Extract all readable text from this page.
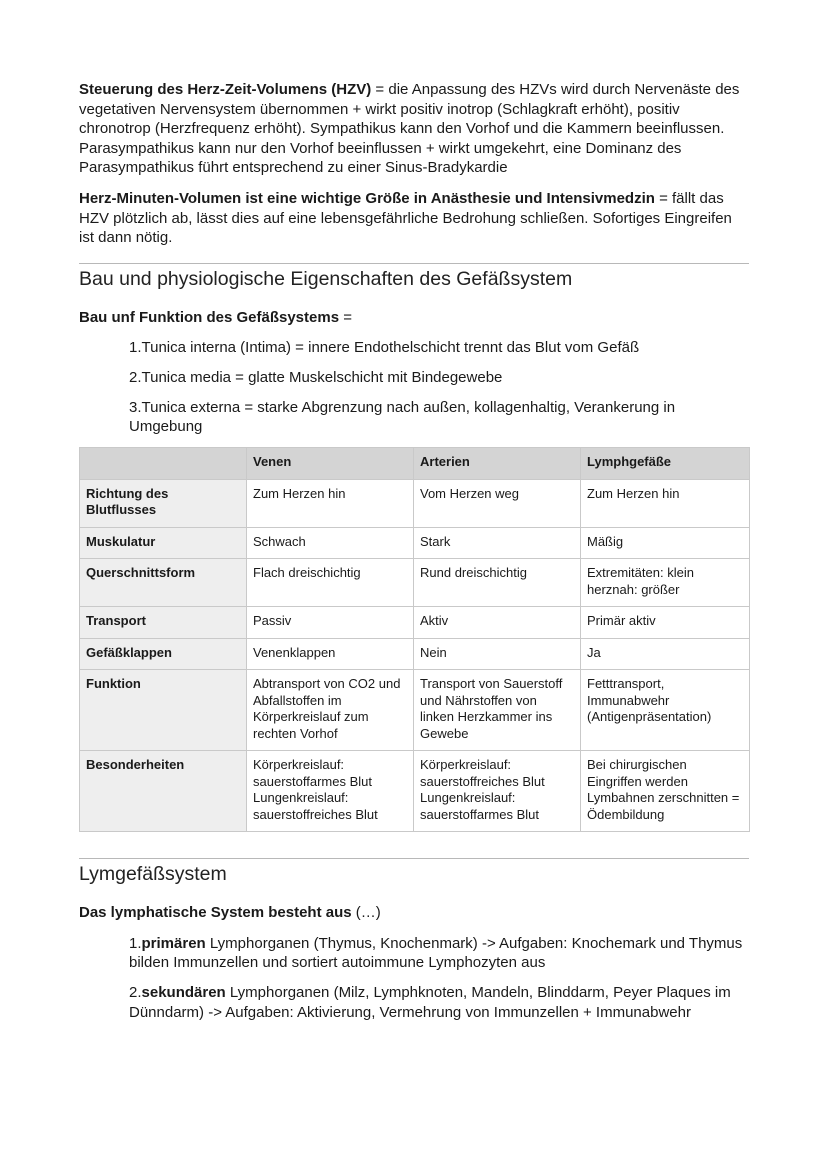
Steuerung des Herz-Zeit-Volumens (HZV) = die Anpassung des HZVs wird durch Nervenäste des vegetativen Nervensystem übernommen + wirkt positiv inotrop (Schlagkraft erhöht), positiv chronotrop (Herzfrequenz erhöht). Sympathikus kann den Vorhof und die Kammern beeinflussen. Parasympathikus kann nur den Vorhof beeinflussen + wirkt umgekehrt, eine Dominanz des Parasympathikus führt entsprechend zu einer Sinus-Bradykardie

Herz-Minuten-Volumen ist eine wichtige Größe in Anästhesie und Intensivmedzin = fällt das HZV plötzlich ab, lässt dies auf eine lebensgefährliche Bedrohung schließen. Sofortiges Eingreifen ist dann nötig.

Bau und physiologische Eigenschaften des Gefäßsystem

Bau unf Funktion des Gefäßsystems =

1.Tunica interna (Intima) = innere Endothelschicht trennt das Blut vom Gefäß

2.Tunica media = glatte Muskelschicht mit Bindegewebe

3.Tunica externa = starke Abgrenzung nach außen, kollagenhaltig, Verankerung in Umgebung

	Venen	Arterien	Lymphgefäße
Richtung des Blutflusses	Zum Herzen hin	Vom Herzen weg	Zum Herzen hin
Muskulatur	Schwach	Stark	Mäßig
Querschnittsform	Flach dreischichtig	Rund dreischichtig	Extremitäten: klein herznah: größer
Transport	Passiv	Aktiv	Primär aktiv
Gefäßklappen	Venenklappen	Nein	Ja
Funktion	Abtransport von CO2 und Abfallstoffen im Körperkreislauf zum rechten Vorhof	Transport von Sauerstoff und Nährstoffen von linken Herzkammer ins Gewebe	Fetttransport, Immunabwehr (Antigenpräsentation)
Besonderheiten	Körperkreislauf: sauerstoffarmes Blut Lungenkreislauf: sauerstoffreiches Blut	Körperkreislauf: sauerstoffreiches Blut Lungenkreislauf: sauerstoffarmes Blut	Bei chirurgischen Eingriffen werden Lymbahnen zerschnitten = Ödembildung
Lymgefäßsystem

Das lymphatische System besteht aus (…)

1.primären Lymphorganen (Thymus, Knochenmark) -> Aufgaben: Knochemark und Thymus bilden Immunzellen und sortiert autoimmune Lymphozyten aus

2.sekundären Lymphorganen (Milz, Lymphknoten, Mandeln, Blinddarm, Peyer Plaques im Dünndarm) -> Aufgaben: Aktivierung, Vermehrung von Immunzellen + Immunabwehr
